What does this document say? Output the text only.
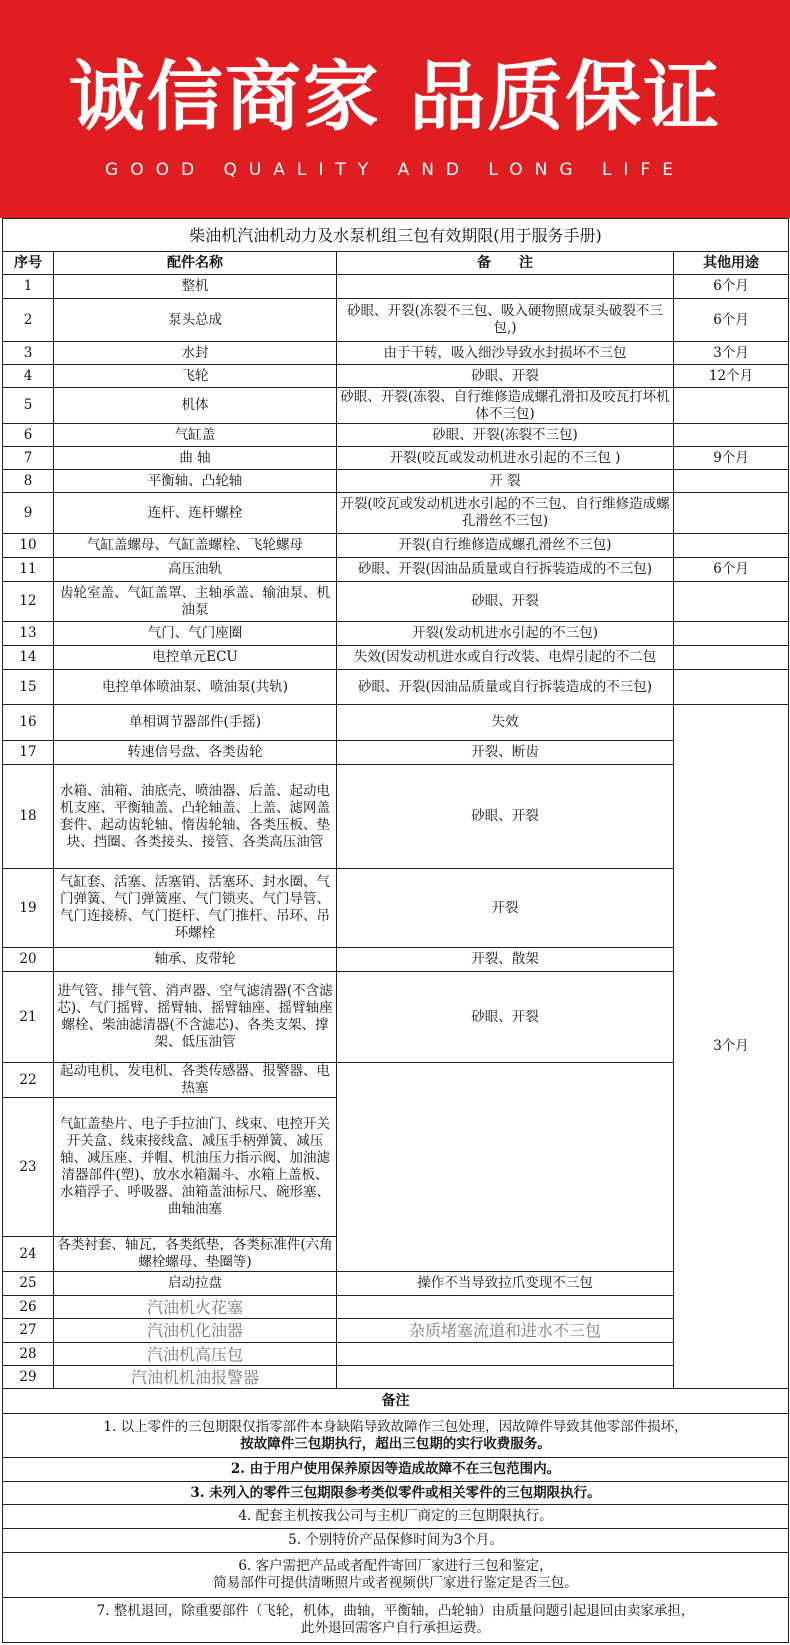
诚信商家 品质保证
GOOD QUALITY AND LONG LIFE
柴油机汽油机动力及水泵机组三包有效期限(用于服务手册)			
序号	配件名称	备　　注	其他用途
1	整机		6个月
2	泵头总成	砂眼、开裂(冻裂不三包、吸入硬物照成泵头破裂不三包,)	6个月
3	水封	由于干转，吸入细沙导致水封损坏不三包	3个月
4	飞轮	砂眼、开裂	12个月
5	机体	砂眼、开裂(冻裂、自行维修造成螺孔滑扣及咬瓦打坏机体不三包)	
6	气缸盖	砂眼、开裂(冻裂不三包)	
7	曲 轴	开裂(咬瓦或发动机进水引起的不三包 )	9个月
8	平衡轴、凸轮轴	开 裂	
9	连杆、连杆螺栓	开裂(咬瓦或发动机进水引起的不三包、自行维修造成螺孔滑丝不三包)	
10	气缸盖螺母、气缸盖螺栓、飞轮螺母	开裂(自行维修造成螺孔滑丝不三包)	
11	高压油轨	砂眼、开裂(因油品质量或自行拆装造成的不三包)	6个月
12	齿轮室盖、气缸盖罩、主轴承盖、输油泵、机油泵	砂眼、开裂	
13	气门、气门座圈	开裂(发动机进水引起的不三包)	
14	电控单元ECU	失效(因发动机进水或自行改装、电焊引起的不二包	
15	电控单体喷油泵、喷油泵(共轨)	砂眼、开裂(因油品质量或自行拆装造成的不三包)	
16	单相调节器部件(手摇)	失效	3个月
17	转速信号盘、各类齿轮	开裂、断齿	
18	水箱、油箱、油底壳、喷油器、后盖、起动电机支座、平衡轴盖、凸轮轴盖、上盖、滤网盖套件、起动齿轮轴、惰齿轮轴、各类压板、垫块、挡圈、各类接头、接管、各类高压油管	砂眼、开裂	
19	气缸套、活塞、活塞销、活塞环、封水圈、气门弹簧、气门弹簧座、气门锁夹、气门导管、气门连接桥、气门挺杆、气门推杆、吊环、吊环螺栓	开裂	
20	轴承、皮带轮	开裂、散架	
21	进气管、排气管、消声器、空气滤清器(不含滤芯)、气门摇臂、摇臂轴、摇臂轴座、摇臂轴座螺栓、柴油滤清器(不含滤芯)、各类支架、撑架、低压油管	砂眼、开裂	
22	起动电机、发电机、各类传感器、报警器、电热塞		
23	气缸盖垫片、电子手拉油门、线束、电控开关开关盒、线束接线盒、减压手柄弹簧、减压轴、减压座、并帽、机油压力指示阀、加油滤清器部件(塑)、放水水箱漏斗、水箱上盖板、水箱浮子、呼吸器、油箱盖油标尺、碗形塞、曲轴油塞		
24	各类衬套、轴瓦，各类纸垫，各类标准件(六角螺栓螺母、垫圈等)		
25	启动拉盘	操作不当导致拉爪变现不三包	
26	汽油机火花塞		
27	汽油机化油器	杂质堵塞流道和进水不三包	
28	汽油机高压包		
29	汽油机机油报警器		
备注			

1. 以上零件的三包期限仅指零部件本身缺陷导致故障作三包处理，因故障件导致其他零部件损坏，
按故障件三包期执行，超出三包期的实行收费服务。			

2. 由于用户使用保养原因等造成故障不在三包范围内。			

3. 未列入的零件三包期限参考类似零件或相关零件的三包期限执行。			

4. 配套主机按我公司与主机厂商定的三包期限执行。			

5. 个别特价产品保修时间为3个月。			

6. 客户需把产品或者配件寄回厂家进行三包和鉴定，
简易部件可提供清晰照片或者视频供厂家进行鉴定是否三包。			

7. 整机退回，除重要部件（飞轮，机体，曲轴，平衡轴，凸轮轴）由质量问题引起退回由卖家承担，
此外退回需客户自行承担运费。			
